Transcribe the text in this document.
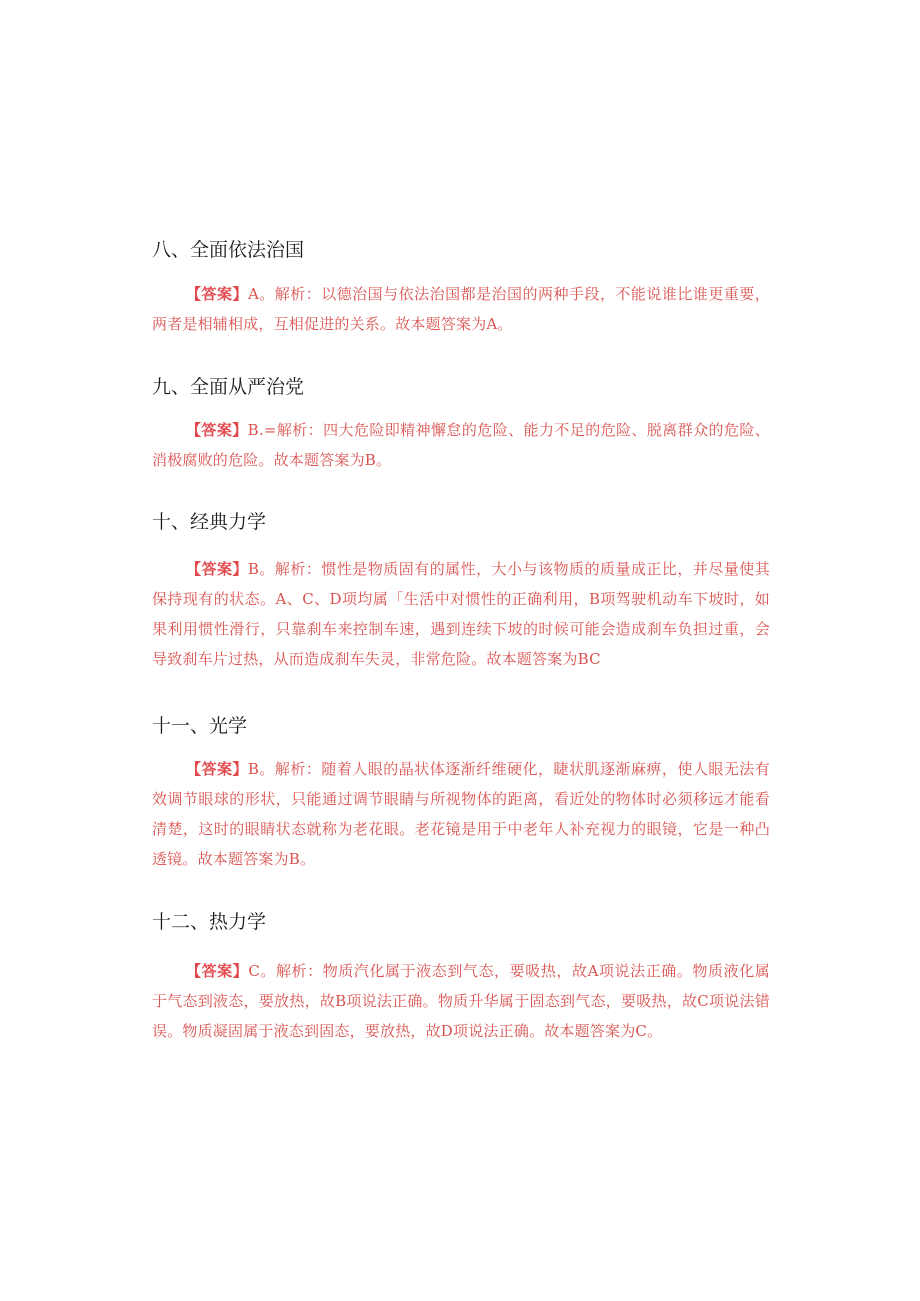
八、全面依法治国

【答案】A。解析：以德治国与依法治国都是治国的两种手段，不能说谁比谁更重要，两者是相辅相成，互相促进的关系。故本题答案为A。

九、全面从严治党

【答案】B.=解析：四大危险即精神懈怠的危险、能力不足的危险、脱离群众的危险、消极腐败的危险。故本题答案为B。

十、经典力学

【答案】B。解析：惯性是物质固有的属性，大小与该物质的质量成正比，并尽量使其保持现有的状态。A、C、D项均属「生活中对惯性的正确利用，B项驾驶机动车下坡时，如果利用惯性滑行，只靠刹车来控制车速，遇到连续下坡的时候可能会造成刹车负担过重，会导致刹车片过热，从而造成刹车失灵，非常危险。故本题答案为BC

十一、光学

【答案】B。解析：随着人眼的晶状体逐渐纤维硬化，睫状肌逐渐麻痹，使人眼无法有效调节眼球的形状，只能通过调节眼睛与所视物体的距离，看近处的物体时必须移远才能看清楚，这时的眼睛状态就称为老花眼。老花镜是用于中老年人补充视力的眼镜，它是一种凸透镜。故本题答案为B。

十二、热力学

【答案】C。解析：物质汽化属于液态到气态，要吸热，故A项说法正确。物质液化属于气态到液态，要放热，故B项说法正确。物质升华属于固态到气态，要吸热，故C项说法错误。物质凝固属于液态到固态，要放热，故D项说法正确。故本题答案为C。
